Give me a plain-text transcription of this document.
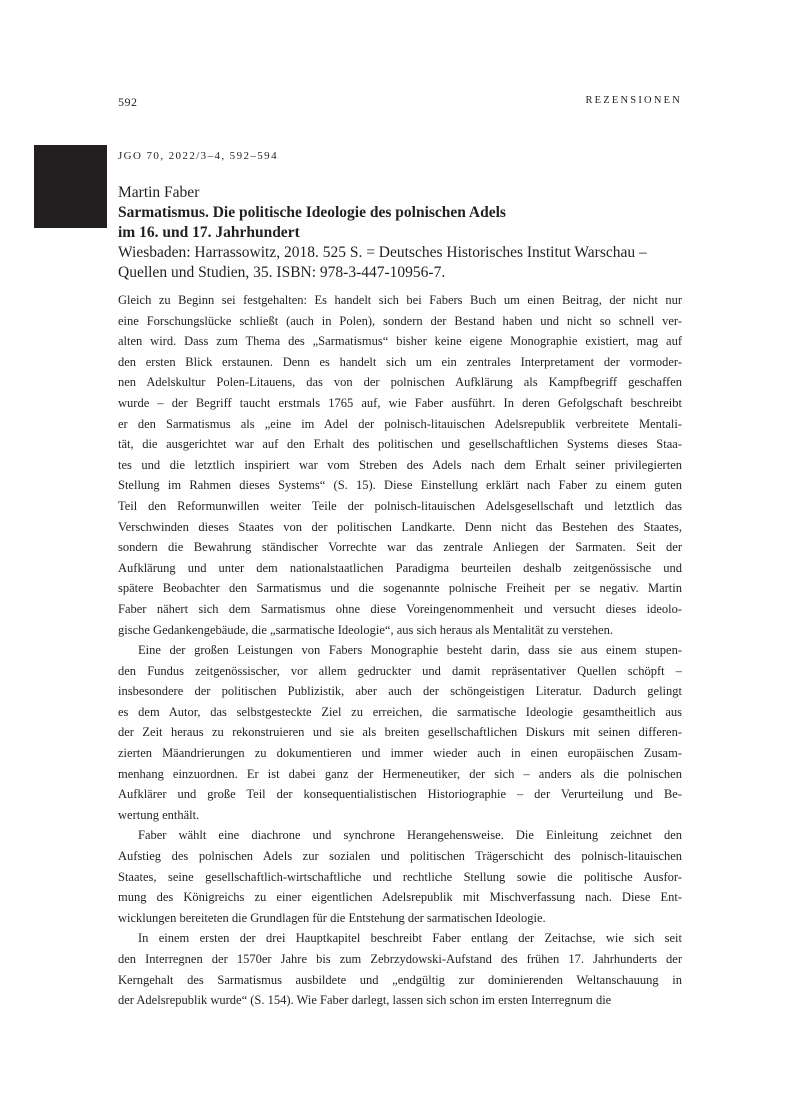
592	REZENSIONEN
JGO 70, 2022/3–4, 592–594
Martin Faber
Sarmatismus. Die politische Ideologie des polnischen Adels
im 16. und 17. Jahrhundert
Wiesbaden: Harrassowitz, 2018. 525 S. = Deutsches Historisches Institut Warschau –
Quellen und Studien, 35. ISBN: 978-3-447-10956-7.

Gleich zu Beginn sei festgehalten: Es handelt sich bei Fabers Buch um einen Beitrag, der nicht nur
eine Forschungslücke schließt (auch in Polen), sondern der Bestand haben und nicht so schnell ver-
alten wird. Dass zum Thema des „Sarmatismus“ bisher keine eigene Monographie existiert, mag auf
den ersten Blick erstaunen. Denn es handelt sich um ein zentrales Interpretament der vormoder-
nen Adelskultur Polen-Litauens, das von der polnischen Aufklärung als Kampfbegriff geschaffen
wurde – der Begriff taucht erstmals 1765 auf, wie Faber ausführt. In deren Gefolgschaft beschreibt
er den Sarmatismus als „eine im Adel der polnisch-litauischen Adelsrepublik verbreitete Mentali-
tät, die ausgerichtet war auf den Erhalt des politischen und gesellschaftlichen Systems dieses Staa-
tes und die letztlich inspiriert war vom Streben des Adels nach dem Erhalt seiner privilegierten
Stellung im Rahmen dieses Systems“ (S. 15). Diese Einstellung erklärt nach Faber zu einem guten
Teil den Reformunwillen weiter Teile der polnisch-litauischen Adelsgesellschaft und letztlich das
Verschwinden dieses Staates von der politischen Landkarte. Denn nicht das Bestehen des Staates,
sondern die Bewahrung ständischer Vorrechte war das zentrale Anliegen der Sarmaten. Seit der
Aufklärung und unter dem nationalstaatlichen Paradigma beurteilen deshalb zeitgenössische und
spätere Beobachter den Sarmatismus und die sogenannte polnische Freiheit per se negativ. Martin
Faber nähert sich dem Sarmatismus ohne diese Voreingenommenheit und versucht dieses ideolo-
gische Gedankengebäude, die „sarmatische Ideologie“, aus sich heraus als Mentalität zu verstehen.

Eine der großen Leistungen von Fabers Monographie besteht darin, dass sie aus einem stupen-
den Fundus zeitgenössischer, vor allem gedruckter und damit repräsentativer Quellen schöpft –
insbesondere der politischen Publizistik, aber auch der schöngeistigen Literatur. Dadurch gelingt
es dem Autor, das selbstgesteckte Ziel zu erreichen, die sarmatische Ideologie gesamtheitlich aus
der Zeit heraus zu rekonstruieren und sie als breiten gesellschaftlichen Diskurs mit seinen differen-
zierten Mäandrierungen zu dokumentieren und immer wieder auch in einen europäischen Zusam-
menhang einzuordnen. Er ist dabei ganz der Hermeneutiker, der sich – anders als die polnischen
Aufklärer und große Teil der konsequentialistischen Historiographie – der Verurteilung und Be-
wertung enthält.

Faber wählt eine diachrone und synchrone Herangehensweise. Die Einleitung zeichnet den
Aufstieg des polnischen Adels zur sozialen und politischen Trägerschicht des polnisch-litauischen
Staates, seine gesellschaftlich-wirtschaftliche und rechtliche Stellung sowie die politische Ausfor-
mung des Königreichs zu einer eigentlichen Adelsrepublik mit Mischverfassung nach. Diese Ent-
wicklungen bereiteten die Grundlagen für die Entstehung der sarmatischen Ideologie.

In einem ersten der drei Hauptkapitel beschreibt Faber entlang der Zeitachse, wie sich seit
den Interregnen der 1570er Jahre bis zum Zebrzydowski-Aufstand des frühen 17. Jahrhunderts der
Kerngehalt des Sarmatismus ausbildete und „endgültig zur dominierenden Weltanschauung in
der Adelsrepublik wurde“ (S. 154). Wie Faber darlegt, lassen sich schon im ersten Interregnum die
